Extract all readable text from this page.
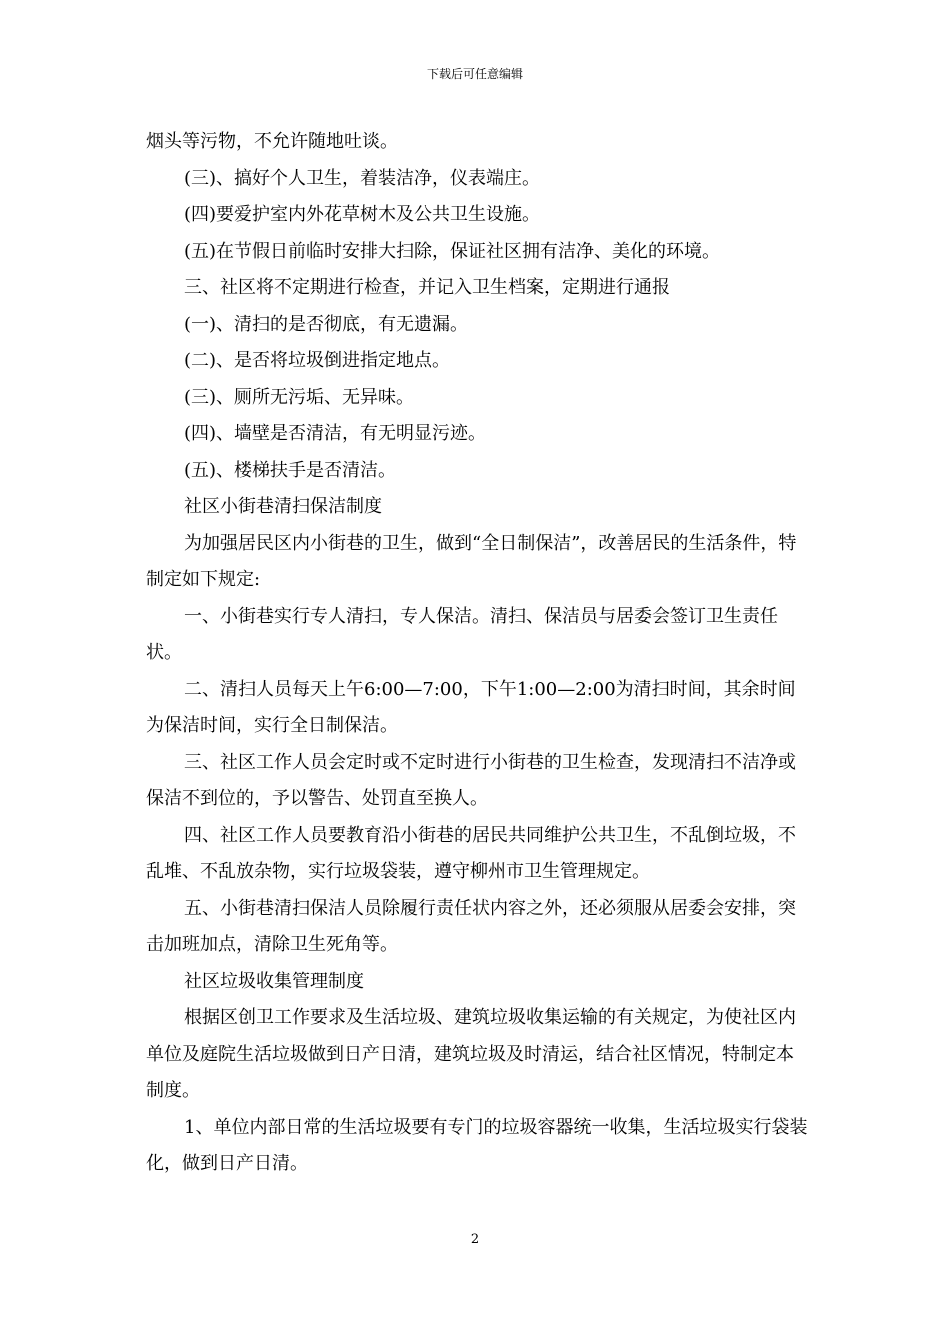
下载后可任意编辑

烟头等污物，不允许随地吐谈。

(三)、搞好个人卫生，着装洁净，仪表端庄。

(四)要爱护室内外花草树木及公共卫生设施。

(五)在节假日前临时安排大扫除，保证社区拥有洁净、美化的环境。

三、社区将不定期进行检查，并记入卫生档案，定期进行通报

(一)、清扫的是否彻底，有无遗漏。

(二)、是否将垃圾倒进指定地点。

(三)、厕所无污垢、无异味。

(四)、墙壁是否清洁，有无明显污迹。

(五)、楼梯扶手是否清洁。

社区小街巷清扫保洁制度

为加强居民区内小街巷的卫生，做到“全日制保洁”，改善居民的生活条件，特制定如下规定:

一、小街巷实行专人清扫，专人保洁。清扫、保洁员与居委会签订卫生责任状。

二、清扫人员每天上午6:00—7:00，下午1:00—2:00为清扫时间，其余时间为保洁时间，实行全日制保洁。

三、社区工作人员会定时或不定时进行小街巷的卫生检查，发现清扫不洁净或保洁不到位的，予以警告、处罚直至换人。

四、社区工作人员要教育沿小街巷的居民共同维护公共卫生，不乱倒垃圾，不乱堆、不乱放杂物，实行垃圾袋装，遵守柳州市卫生管理规定。

五、小街巷清扫保洁人员除履行责任状内容之外，还必须服从居委会安排，突击加班加点，清除卫生死角等。

社区垃圾收集管理制度

根据区创卫工作要求及生活垃圾、建筑垃圾收集运输的有关规定，为使社区内单位及庭院生活垃圾做到日产日清，建筑垃圾及时清运，结合社区情况，特制定本制度。

1、单位内部日常的生活垃圾要有专门的垃圾容器统一收集，生活垃圾实行袋装化，做到日产日清。

2
